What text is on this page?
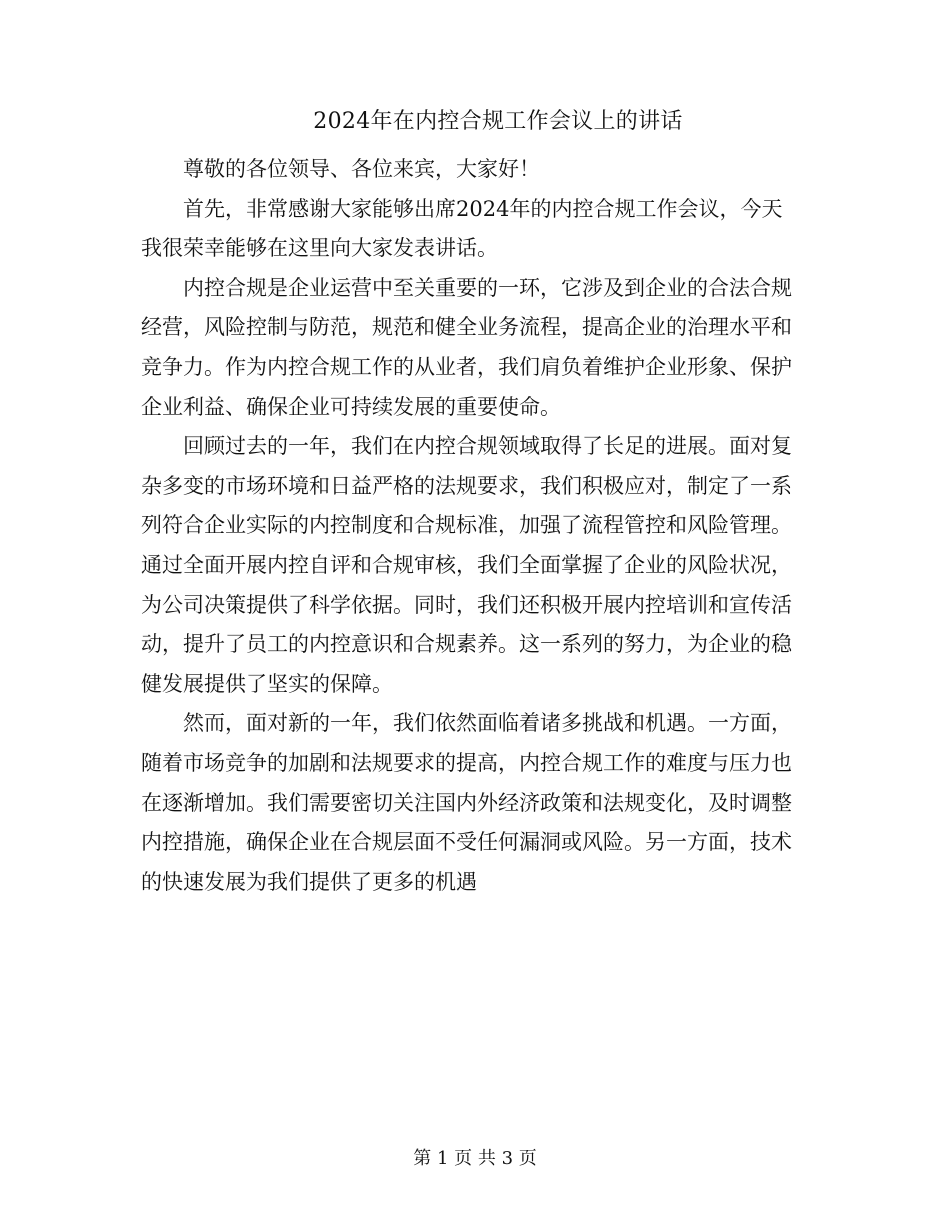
2024年在内控合规工作会议上的讲话

尊敬的各位领导、各位来宾，大家好！

首先，非常感谢大家能够出席2024年的内控合规工作会议，今天我很荣幸能够在这里向大家发表讲话。

内控合规是企业运营中至关重要的一环，它涉及到企业的合法合规经营，风险控制与防范，规范和健全业务流程，提高企业的治理水平和竞争力。作为内控合规工作的从业者，我们肩负着维护企业形象、保护企业利益、确保企业可持续发展的重要使命。

回顾过去的一年，我们在内控合规领域取得了长足的进展。面对复杂多变的市场环境和日益严格的法规要求，我们积极应对，制定了一系列符合企业实际的内控制度和合规标准，加强了流程管控和风险管理。通过全面开展内控自评和合规审核，我们全面掌握了企业的风险状况，为公司决策提供了科学依据。同时，我们还积极开展内控培训和宣传活动，提升了员工的内控意识和合规素养。这一系列的努力，为企业的稳健发展提供了坚实的保障。

然而，面对新的一年，我们依然面临着诸多挑战和机遇。一方面，随着市场竞争的加剧和法规要求的提高，内控合规工作的难度与压力也在逐渐增加。我们需要密切关注国内外经济政策和法规变化，及时调整内控措施，确保企业在合规层面不受任何漏洞或风险。另一方面，技术的快速发展为我们提供了更多的机遇

第 1 页 共 3 页
